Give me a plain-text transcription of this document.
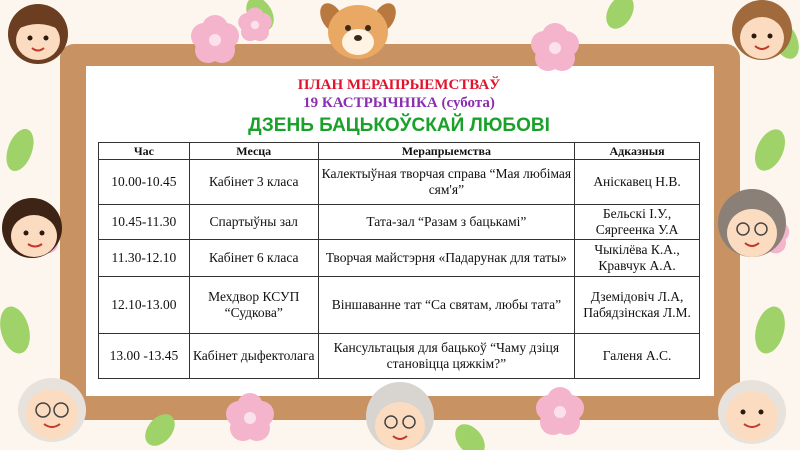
ПЛАН МЕРАПРЫЕМСТВАЎ
19 КАСТРЫЧНІКА (субота)
ДЗЕНЬ БАЦЬКОЎСКАЙ ЛЮБОВІ
Час	Месца	Мерапрыемства	Адказныя
10.00-10.45	Кабінет 3 класа	Калектыўная творчая справа “Мая любімая сям'я”	Аніскавец Н.В.
10.45-11.30	Спартыўны зал	Тата-зал “Разам з бацькамі”	Бельскі І.У., Сяргеенка У.А
11.30-12.10	Кабінет 6 класа	Творчая майстэрня «Падарунак для таты»	Чыкілёва К.А., Кравчук А.А.
12.10-13.00	Мехдвор КСУП “Судкова”	Віншаванне тат “Са святам, любы тата”	Дземідовіч Л.А, Пабядзінская Л.М.
13.00 -13.45	Кабінет дыфектолага	Кансультацыя для бацькоў “Чаму дзіця становіцца цяжкім?”	Галеня А.С.
